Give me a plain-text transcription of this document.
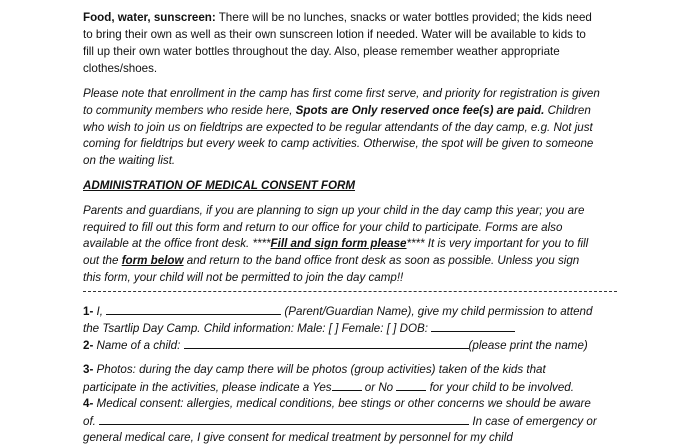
Food, water, sunscreen: There will be no lunches, snacks or water bottles provided; the kids need
to bring their own as well as their own sunscreen lotion if needed. Water will be available to kids to
fill up their own water bottles throughout the day. Also, please remember weather appropriate
clothes/shoes.
Please note that enrollment in the camp has first come first serve, and priority for registration is given
to community members who reside here, Spots are Only reserved once fee(s) are paid. Children
who wish to join us on fieldtrips are expected to be regular attendants of the day camp, e.g. Not just
coming for fieldtrips but every week to camp activities. Otherwise, the spot will be given to someone
on the waiting list.
ADMINISTRATION OF MEDICAL CONSENT FORM
Parents and guardians, if you are planning to sign up your child in the day camp this year; you are
required to fill out this form and return to our office for your child to participate. Forms are also
available at the office front desk. ****Fill and sign form please**** It is very important for you to fill
out the form below and return to the band office front desk as soon as possible. Unless you sign
this form, your child will not be permitted to join the day camp!!
1- I,	(Parent/Guardian Name), give my child permission to attend
the Tsartlip Day Camp. Child information: Male: [ ] Female: [ ] DOB:
2- Name of a child:	(please print the name)
3- Photos: during the day camp there will be photos (group activities) taken of the kids that
participate in the activities, please indicate a Yes	or No	for your child to be involved.
4- Medical consent: allergies, medical conditions, bee stings or other concerns we should be aware
of.	In case of emergency or
general medical care, I give consent for medical treatment by personnel for my child
